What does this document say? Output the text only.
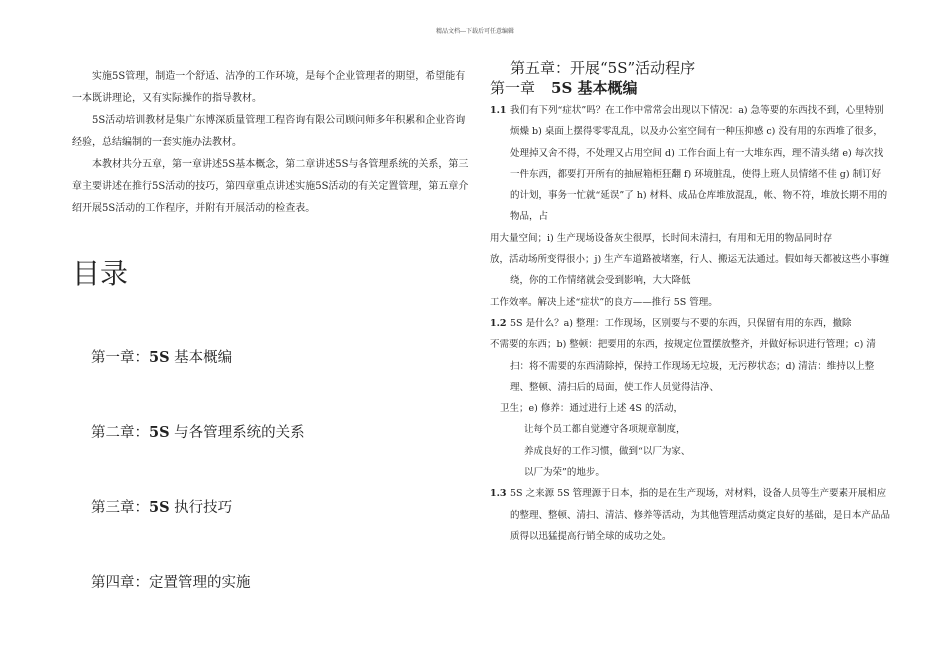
精品文档---下载后可任意编辑

实施5S管理，制造一个舒适、洁净的工作环境，是每个企业管理者的期望，希望能有一本既讲理论，又有实际操作的指导教材。

5S活动培训教材是集广东博深质量管理工程咨询有限公司顾问师多年积累和企业咨询经验，总结编制的一套实施办法教材。

本教材共分五章，第一章讲述5S基本概念，第二章讲述5S与各管理系统的关系，第三章主要讲述在推行5S活动的技巧，第四章重点讲述实施5S活动的有关定置管理，第五章介绍开展5S活动的工作程序，并附有开展活动的检查表。

目录

第一章：5S 基本概编

第二章：5S 与各管理系统的关系

第三章：5S 执行技巧

第四章：定置管理的实施

第五章：开展“5S”活动程序

第一章 5S 基本概编

1.1 我们有下列“症状”吗？在工作中常常会出现以下情况：a) 急等要的东西找不到，心里特别烦燥 b) 桌面上摆得零零乱乱，以及办公室空间有一种压抑感 c) 没有用的东西堆了很多，处理掉又舍不得，不处理又占用空间 d) 工作台面上有一大堆东西，理不清头绪 e) 每次找一件东西，都要打开所有的抽屉箱柜狂翻 f) 环境脏乱，使得上班人员情绪不佳 g) 制订好的计划，事务一忙就“延误”了 h) 材料、成品仓库堆放混乱，帐、物不符，堆放长期不用的物品，占

用大量空间；i) 生产现场设备灰尘很厚，长时间未清扫，有用和无用的物品同时存

放，活动场所变得很小；j) 生产车道路被堵塞，行人、搬运无法通过。假如每天都被这些小事缠绕，你的工作情绪就会受到影响，大大降低

工作效率。解决上述“症状”的良方——推行 5S 管理。

1.2 5S 是什么？a) 整理：工作现场，区别要与不要的东西，只保留有用的东西，撤除

不需要的东西；b) 整顿：把要用的东西，按规定位置摆放整齐，并做好标识进行管理；c) 清扫：将不需要的东西清除掉，保持工作现场无垃圾，无污秽状态；d) 清洁：维持以上整理、整顿、清扫后的局面，使工作人员觉得洁净、

卫生；e) 修养：通过进行上述 4S 的活动，

让每个员工都自觉遵守各项规章制度，

养成良好的工作习惯，做到“以厂为家、

以厂为荣”的地步。

1.3 5S 之来源 5S 管理源于日本，指的是在生产现场，对材料，设备人员等生产要素开展相应的整理、整顿、清扫、清洁、修养等活动，为其他管理活动奠定良好的基础，是日本产品品质得以迅猛提高行销全球的成功之处。
